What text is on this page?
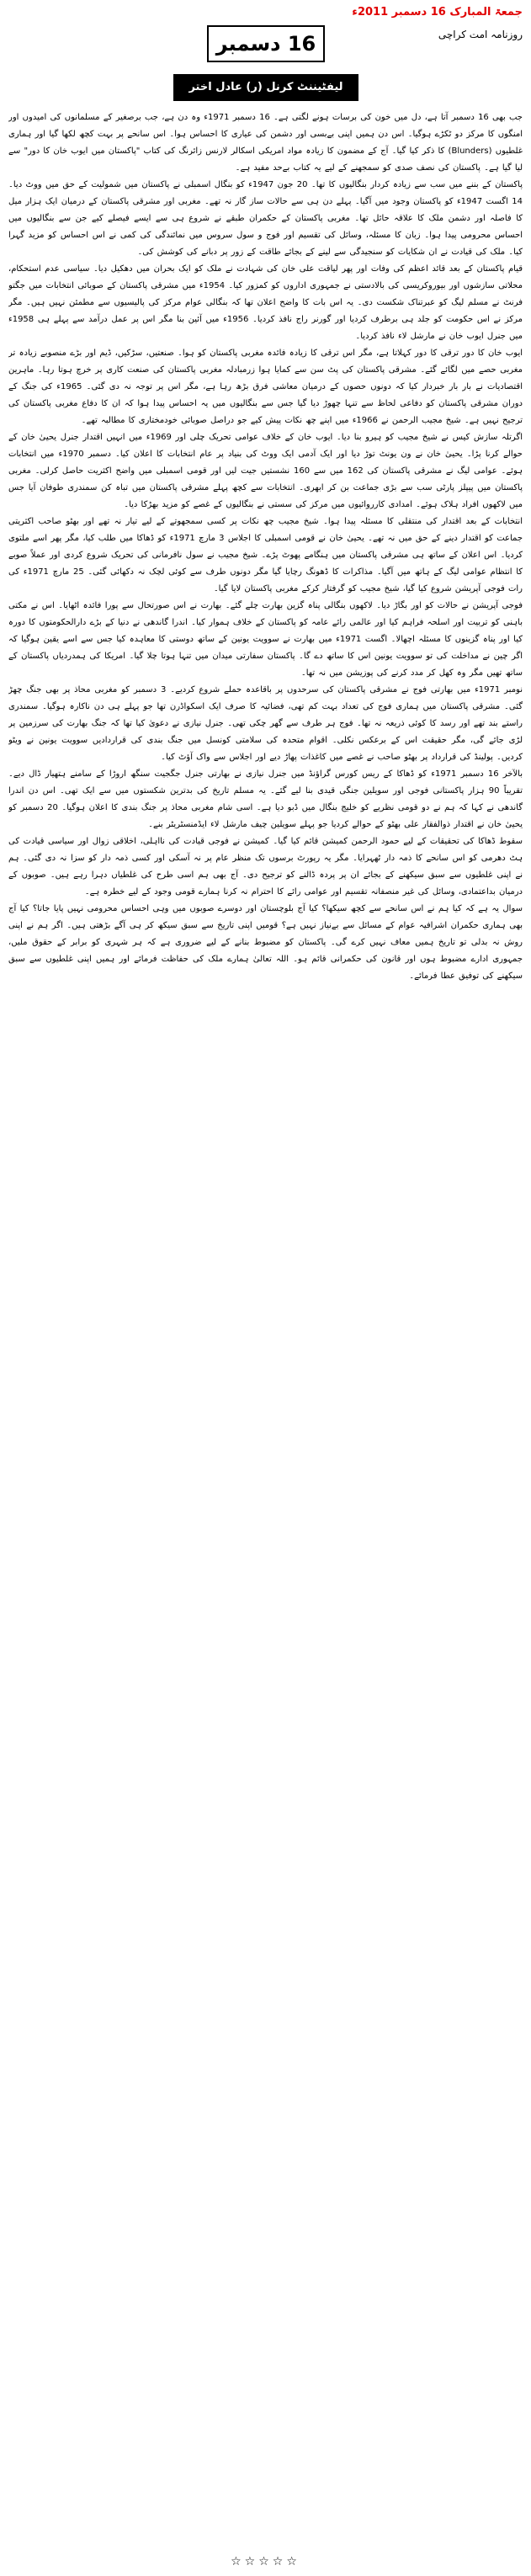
جمعۃ المبارک 16 دسمبر 2011ء
روزنامہ امت کراچی
16 دسمبر
لیفٹیننٹ کرنل (ر) عادل اختر

جب بھی 16 دسمبر آتا ہے، دل میں خون کی برسات ہونے لگتی ہے۔ 16 دسمبر 1971ء وہ دن ہے، جب برصغیر کے مسلمانوں کی امیدوں اور امنگوں کا مرکز دو ٹکڑے ہوگیا۔ اس دن ہمیں اپنی بےبسی اور دشمن کی عیاری کا احساس ہوا۔ اس سانحے پر بہت کچھ لکھا گیا اور ہماری غلطیوں (Blunders) کا ذکر کیا گیا۔ آج کے مضمون کا زیادہ مواد امریکی اسکالر لارنس زائرنگ کی کتاب "پاکستان میں ایوب خان کا دور" سے لیا گیا ہے۔ پاکستان کی نصف صدی کو سمجھنے کے لیے یہ کتاب بےحد مفید ہے۔

پاکستان کے بننے میں سب سے زیادہ کردار بنگالیوں کا تھا۔ 20 جون 1947ء کو بنگال اسمبلی نے پاکستان میں شمولیت کے حق میں ووٹ دیا۔ 14 اگست 1947ء کو پاکستان وجود میں آگیا۔ پہلے دن ہی سے حالات ساز گار نہ تھے۔ مغربی اور مشرقی پاکستان کے درمیان ایک ہزار میل کا فاصلہ اور دشمن ملک کا علاقہ حائل تھا۔ مغربی پاکستان کے حکمران طبقے نے شروع ہی سے ایسے فیصلے کیے جن سے بنگالیوں میں احساس محرومی پیدا ہوا۔ زبان کا مسئلہ، وسائل کی تقسیم اور فوج و سول سروس میں نمائندگی کی کمی نے اس احساس کو مزید گہرا کیا۔ ملک کی قیادت نے ان شکایات کو سنجیدگی سے لینے کے بجائے طاقت کے زور پر دبانے کی کوشش کی۔

قیام پاکستان کے بعد قائد اعظم کی وفات اور پھر لیاقت علی خان کی شہادت نے ملک کو ایک بحران میں دھکیل دیا۔ سیاسی عدم استحکام، محلاتی سازشوں اور بیوروکریسی کی بالادستی نے جمہوری اداروں کو کمزور کیا۔ 1954ء میں مشرقی پاکستان کے صوبائی انتخابات میں جگتو فرنٹ نے مسلم لیگ کو عبرتناک شکست دی۔ یہ اس بات کا واضح اعلان تھا کہ بنگالی عوام مرکز کی پالیسیوں سے مطمئن نہیں ہیں۔ مگر مرکز نے اس حکومت کو جلد ہی برطرف کردیا اور گورنر راج نافذ کردیا۔ 1956ء میں آئین بنا مگر اس پر عمل درآمد سے پہلے ہی 1958ء میں جنرل ایوب خان نے مارشل لاء نافذ کردیا۔

ایوب خان کا دور ترقی کا دور کہلاتا ہے، مگر اس ترقی کا زیادہ فائدہ مغربی پاکستان کو ہوا۔ صنعتیں، سڑکیں، ڈیم اور بڑے منصوبے زیادہ تر مغربی حصے میں لگائے گئے۔ مشرقی پاکستان کی پٹ سن سے کمایا ہوا زرمبادلہ مغربی پاکستان کی صنعت کاری پر خرچ ہوتا رہا۔ ماہرین اقتصادیات نے بار بار خبردار کیا کہ دونوں حصوں کے درمیان معاشی فرق بڑھ رہا ہے، مگر اس پر توجہ نہ دی گئی۔ 1965ء کی جنگ کے دوران مشرقی پاکستان کو دفاعی لحاظ سے تنہا چھوڑ دیا گیا جس سے بنگالیوں میں یہ احساس پیدا ہوا کہ ان کا دفاع مغربی پاکستان کی ترجیح نہیں ہے۔ شیخ مجیب الرحمن نے 1966ء میں اپنے چھ نکات پیش کیے جو دراصل صوبائی خودمختاری کا مطالبہ تھے۔

اگرتلہ سازش کیس نے شیخ مجیب کو ہیرو بنا دیا۔ ایوب خان کے خلاف عوامی تحریک چلی اور 1969ء میں انہیں اقتدار جنرل یحییٰ خان کے حوالے کرنا پڑا۔ یحییٰ خان نے ون یونٹ توڑ دیا اور ایک آدمی ایک ووٹ کی بنیاد پر عام انتخابات کا اعلان کیا۔ دسمبر 1970ء میں انتخابات ہوئے۔ عوامی لیگ نے مشرقی پاکستان کی 162 میں سے 160 نشستیں جیت لیں اور قومی اسمبلی میں واضح اکثریت حاصل کرلی۔ مغربی پاکستان میں پیپلز پارٹی سب سے بڑی جماعت بن کر ابھری۔ انتخابات سے کچھ پہلے مشرقی پاکستان میں تباہ کن سمندری طوفان آیا جس میں لاکھوں افراد ہلاک ہوئے۔ امدادی کارروائیوں میں مرکز کی سستی نے بنگالیوں کے غصے کو مزید بھڑکا دیا۔

انتخابات کے بعد اقتدار کی منتقلی کا مسئلہ پیدا ہوا۔ شیخ مجیب چھ نکات پر کسی سمجھوتے کے لیے تیار نہ تھے اور بھٹو صاحب اکثریتی جماعت کو اقتدار دینے کے حق میں نہ تھے۔ یحییٰ خان نے قومی اسمبلی کا اجلاس 3 مارچ 1971ء کو ڈھاکا میں طلب کیا، مگر پھر اسے ملتوی کردیا۔ اس اعلان کے ساتھ ہی مشرقی پاکستان میں ہنگامے پھوٹ پڑے۔ شیخ مجیب نے سول نافرمانی کی تحریک شروع کردی اور عملاً صوبے کا انتظام عوامی لیگ کے ہاتھ میں آگیا۔ مذاکرات کا ڈھونگ رچایا گیا مگر دونوں طرف سے کوئی لچک نہ دکھائی گئی۔ 25 مارچ 1971ء کی رات فوجی آپریشن شروع کیا گیا، شیخ مجیب کو گرفتار کرکے مغربی پاکستان لایا گیا۔

فوجی آپریشن نے حالات کو اور بگاڑ دیا۔ لاکھوں بنگالی پناہ گزین بھارت چلے گئے۔ بھارت نے اس صورتحال سے پورا فائدہ اٹھایا۔ اس نے مکتی باہنی کو تربیت اور اسلحہ فراہم کیا اور عالمی رائے عامہ کو پاکستان کے خلاف ہموار کیا۔ اندرا گاندھی نے دنیا کے بڑے دارالحکومتوں کا دورہ کیا اور پناہ گزینوں کا مسئلہ اچھالا۔ اگست 1971ء میں بھارت نے سوویت یونین کے ساتھ دوستی کا معاہدہ کیا جس سے اسے یقین ہوگیا کہ اگر چین نے مداخلت کی تو سوویت یونین اس کا ساتھ دے گا۔ پاکستان سفارتی میدان میں تنہا ہوتا چلا گیا۔ امریکا کی ہمدردیاں پاکستان کے ساتھ تھیں مگر وہ کھل کر مدد کرنے کی پوزیشن میں نہ تھا۔

نومبر 1971ء میں بھارتی فوج نے مشرقی پاکستان کی سرحدوں پر باقاعدہ حملے شروع کردیے۔ 3 دسمبر کو مغربی محاذ پر بھی جنگ چھڑ گئی۔ مشرقی پاکستان میں ہماری فوج کی تعداد بہت کم تھی، فضائیہ کا صرف ایک اسکواڈرن تھا جو پہلے ہی دن ناکارہ ہوگیا۔ سمندری راستے بند تھے اور رسد کا کوئی ذریعہ نہ تھا۔ فوج ہر طرف سے گھر چکی تھی۔ جنرل نیازی نے دعویٰ کیا تھا کہ جنگ بھارت کی سرزمین پر لڑی جائے گی، مگر حقیقت اس کے برعکس نکلی۔ اقوام متحدہ کی سلامتی کونسل میں جنگ بندی کی قراردادیں سوویت یونین نے ویٹو کردیں۔ پولینڈ کی قرارداد پر بھٹو صاحب نے غصے میں کاغذات پھاڑ دیے اور اجلاس سے واک آؤٹ کیا۔

بالآخر 16 دسمبر 1971ء کو ڈھاکا کے ریس کورس گراؤنڈ میں جنرل نیازی نے بھارتی جنرل جگجیت سنگھ اروڑا کے سامنے ہتھیار ڈال دیے۔ تقریباً 90 ہزار پاکستانی فوجی اور سویلین جنگی قیدی بنا لیے گئے۔ یہ مسلم تاریخ کی بدترین شکستوں میں سے ایک تھی۔ اس دن اندرا گاندھی نے کہا کہ ہم نے دو قومی نظریے کو خلیج بنگال میں ڈبو دیا ہے۔ اسی شام مغربی محاذ پر جنگ بندی کا اعلان ہوگیا۔ 20 دسمبر کو یحییٰ خان نے اقتدار ذوالفقار علی بھٹو کے حوالے کردیا جو پہلے سویلین چیف مارشل لاء ایڈمنسٹریٹر بنے۔

سقوط ڈھاکا کی تحقیقات کے لیے حمود الرحمن کمیشن قائم کیا گیا۔ کمیشن نے فوجی قیادت کی نااہلی، اخلاقی زوال اور سیاسی قیادت کی ہٹ دھرمی کو اس سانحے کا ذمہ دار ٹھہرایا۔ مگر یہ رپورٹ برسوں تک منظر عام پر نہ آسکی اور کسی ذمہ دار کو سزا نہ دی گئی۔ ہم نے اپنی غلطیوں سے سبق سیکھنے کے بجائے ان پر پردہ ڈالنے کو ترجیح دی۔ آج بھی ہم اسی طرح کی غلطیاں دہرا رہے ہیں۔ صوبوں کے درمیان بداعتمادی، وسائل کی غیر منصفانہ تقسیم اور عوامی رائے کا احترام نہ کرنا ہمارے قومی وجود کے لیے خطرہ ہے۔

سوال یہ ہے کہ کیا ہم نے اس سانحے سے کچھ سیکھا؟ کیا آج بلوچستان اور دوسرے صوبوں میں وہی احساس محرومی نہیں پایا جاتا؟ کیا آج بھی ہماری حکمران اشرافیہ عوام کے مسائل سے بےنیاز نہیں ہے؟ قومیں اپنی تاریخ سے سبق سیکھ کر ہی آگے بڑھتی ہیں۔ اگر ہم نے اپنی روش نہ بدلی تو تاریخ ہمیں معاف نہیں کرے گی۔ پاکستان کو مضبوط بنانے کے لیے ضروری ہے کہ ہر شہری کو برابر کے حقوق ملیں، جمہوری ادارے مضبوط ہوں اور قانون کی حکمرانی قائم ہو۔ اللہ تعالیٰ ہمارے ملک کی حفاظت فرمائے اور ہمیں اپنی غلطیوں سے سبق سیکھنے کی توفیق عطا فرمائے۔

☆☆☆☆☆
